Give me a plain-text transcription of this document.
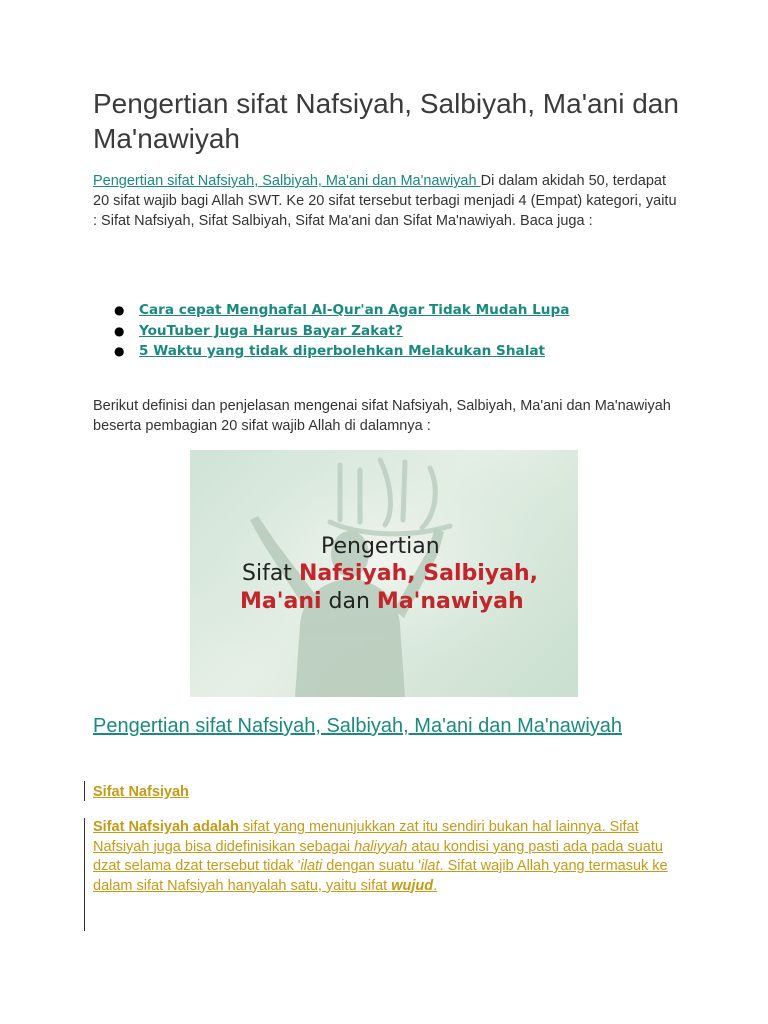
Pengertian sifat Nafsiyah, Salbiyah, Ma'ani dan Ma'nawiyah

Pengertian sifat Nafsiyah, Salbiyah, Ma'ani dan Ma'nawiyah Di dalam akidah 50, terdapat 20 sifat wajib bagi Allah SWT. Ke 20 sifat tersebut terbagi menjadi 4 (Empat) kategori, yaitu : Sifat Nafsiyah, Sifat Salbiyah, Sifat Ma'ani dan Sifat Ma'nawiyah. Baca juga :

● Cara cepat Menghafal Al-Qur'an Agar Tidak Mudah Lupa
● YouTuber Juga Harus Bayar Zakat?
● 5 Waktu yang tidak diperbolehkan Melakukan Shalat

Berikut definisi dan penjelasan mengenai sifat Nafsiyah, Salbiyah, Ma'ani dan Ma'nawiyah beserta pembagian 20 sifat wajib Allah di dalamnya :

Pengertian
Sifat Nafsiyah, Salbiyah,
Ma'ani dan Ma'nawiyah
Pengertian sifat Nafsiyah, Salbiyah, Ma'ani dan Ma'nawiyah

Sifat Nafsiyah

Sifat Nafsiyah adalah sifat yang menunjukkan zat itu sendiri bukan hal lainnya. Sifat Nafsiyah juga bisa didefinisikan sebagai haliyyah atau kondisi yang pasti ada pada suatu dzat selama dzat tersebut tidak 'ilati dengan suatu 'ilat. Sifat wajib Allah yang termasuk ke dalam sifat Nafsiyah hanyalah satu, yaitu sifat wujud.
